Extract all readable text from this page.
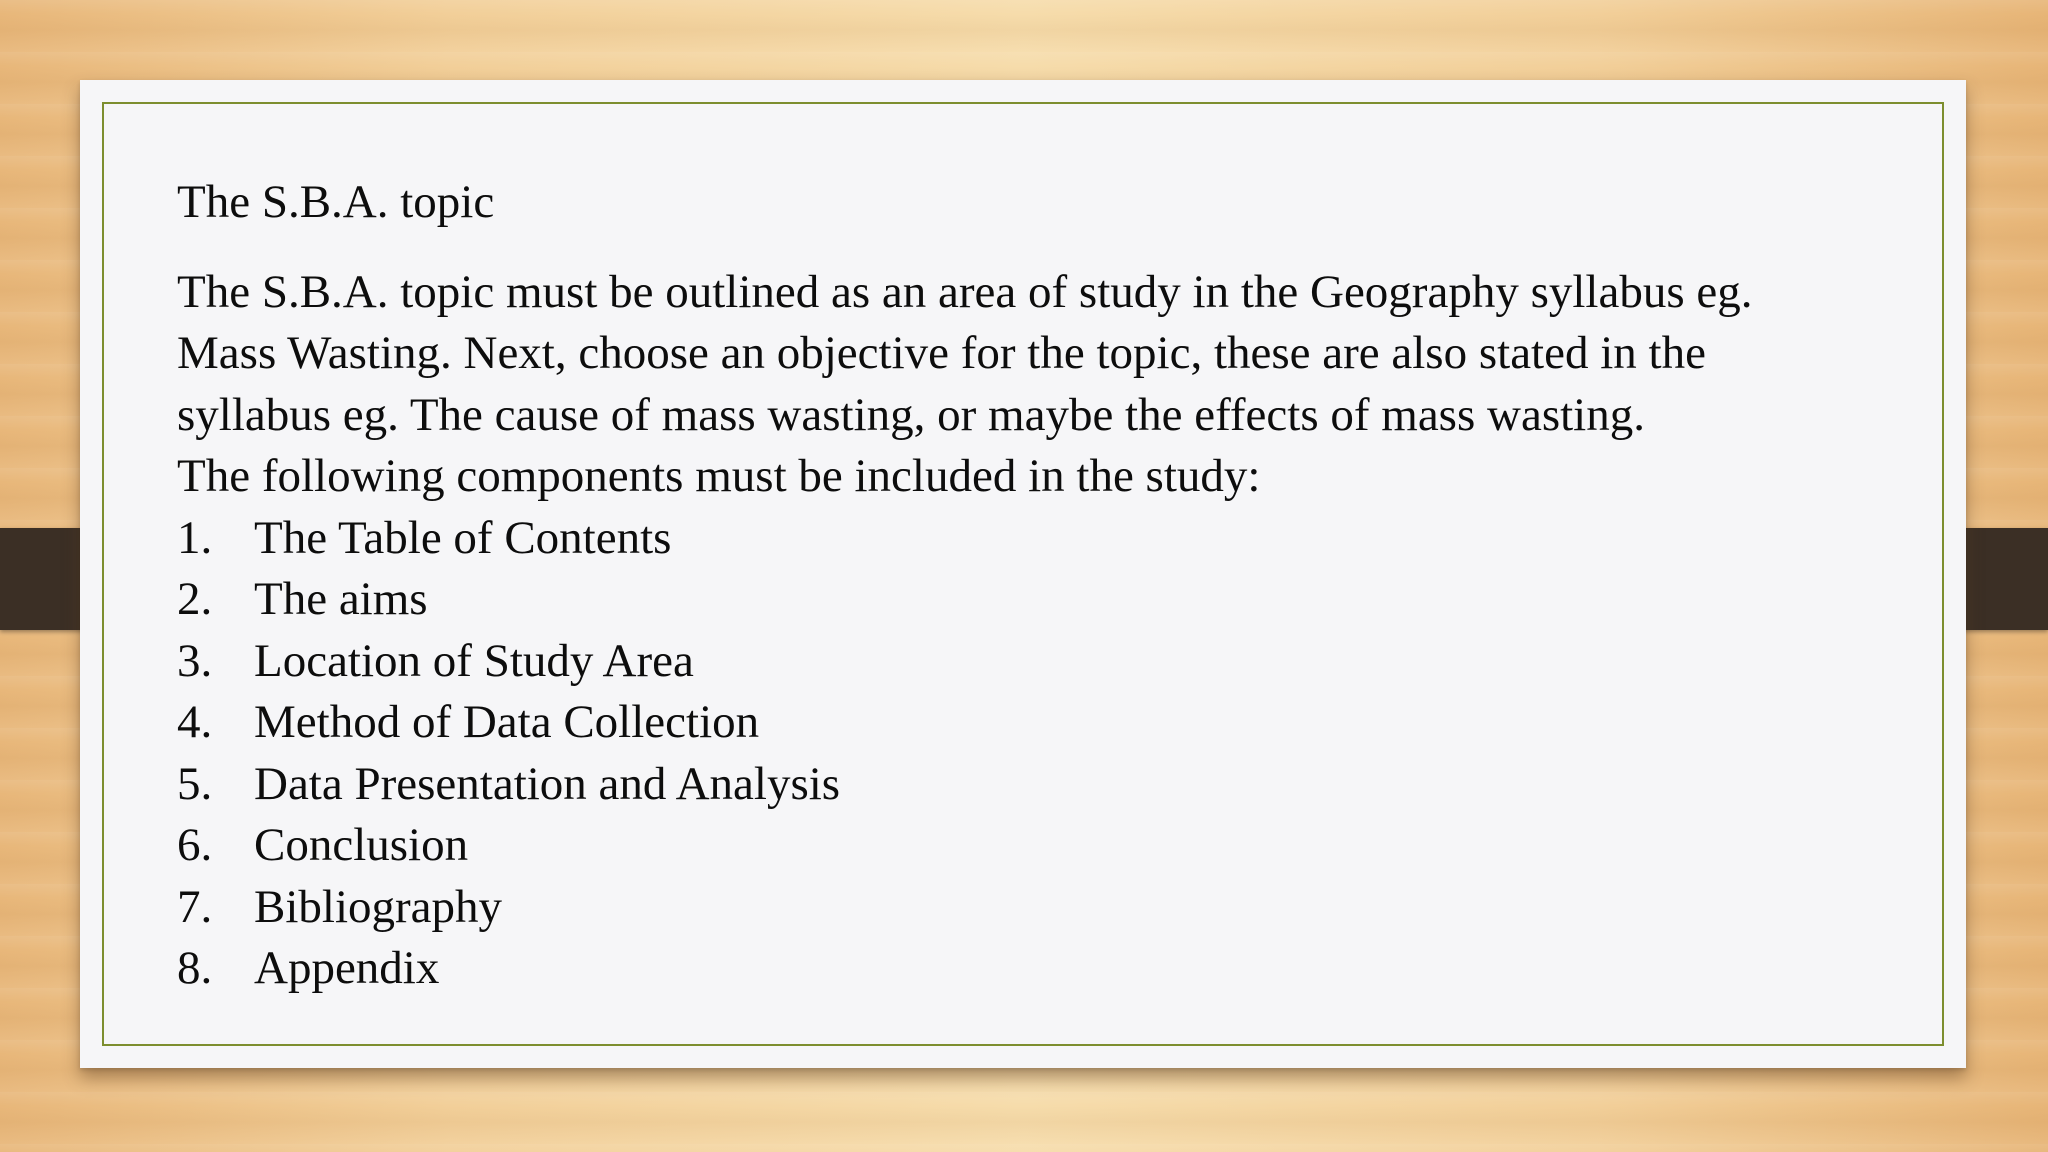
The S.B.A. topic
The S.B.A. topic must be outlined as an area of study in the Geography syllabus eg.
Mass Wasting. Next, choose an objective for the topic, these are also stated in the
syllabus eg. The cause of mass wasting, or maybe the effects of mass wasting.
The following components must be included in the study:
1. The Table of Contents
2. The aims
3. Location of Study Area
4. Method of Data Collection
5. Data Presentation and Analysis
6. Conclusion
7. Bibliography
8. Appendix
